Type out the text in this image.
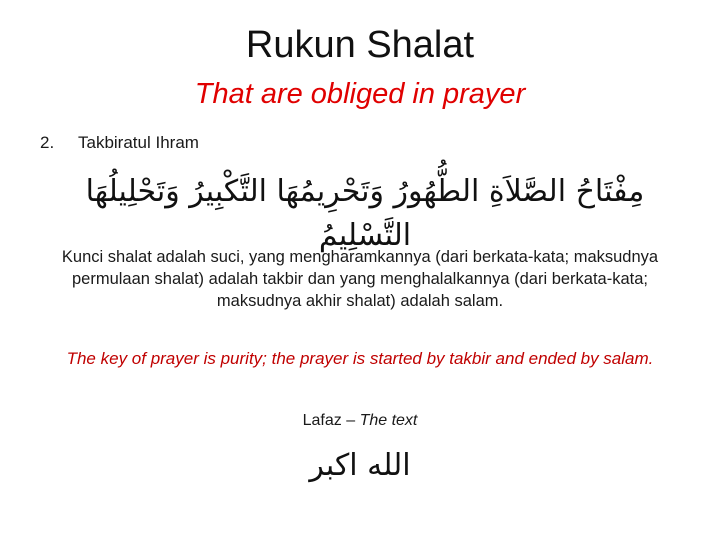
Rukun Shalat
That are obliged in prayer
2. Takbiratul Ihram
مِفْتَاحُ الصَّلاَةِ الطُّهُورُ وَتَحْرِيمُهَا التَّكْبِيرُ وَتَحْلِيلُهَا التَّسْلِيمُ
Kunci shalat adalah suci, yang mengharamkannya (dari berkata-kata; maksudnya permulaan shalat) adalah takbir dan yang menghalalkannya (dari berkata-kata; maksudnya akhir shalat) adalah salam.
The key of prayer is purity; the prayer is started by takbir and ended by salam.
Lafaz – The text
الله اكبر
